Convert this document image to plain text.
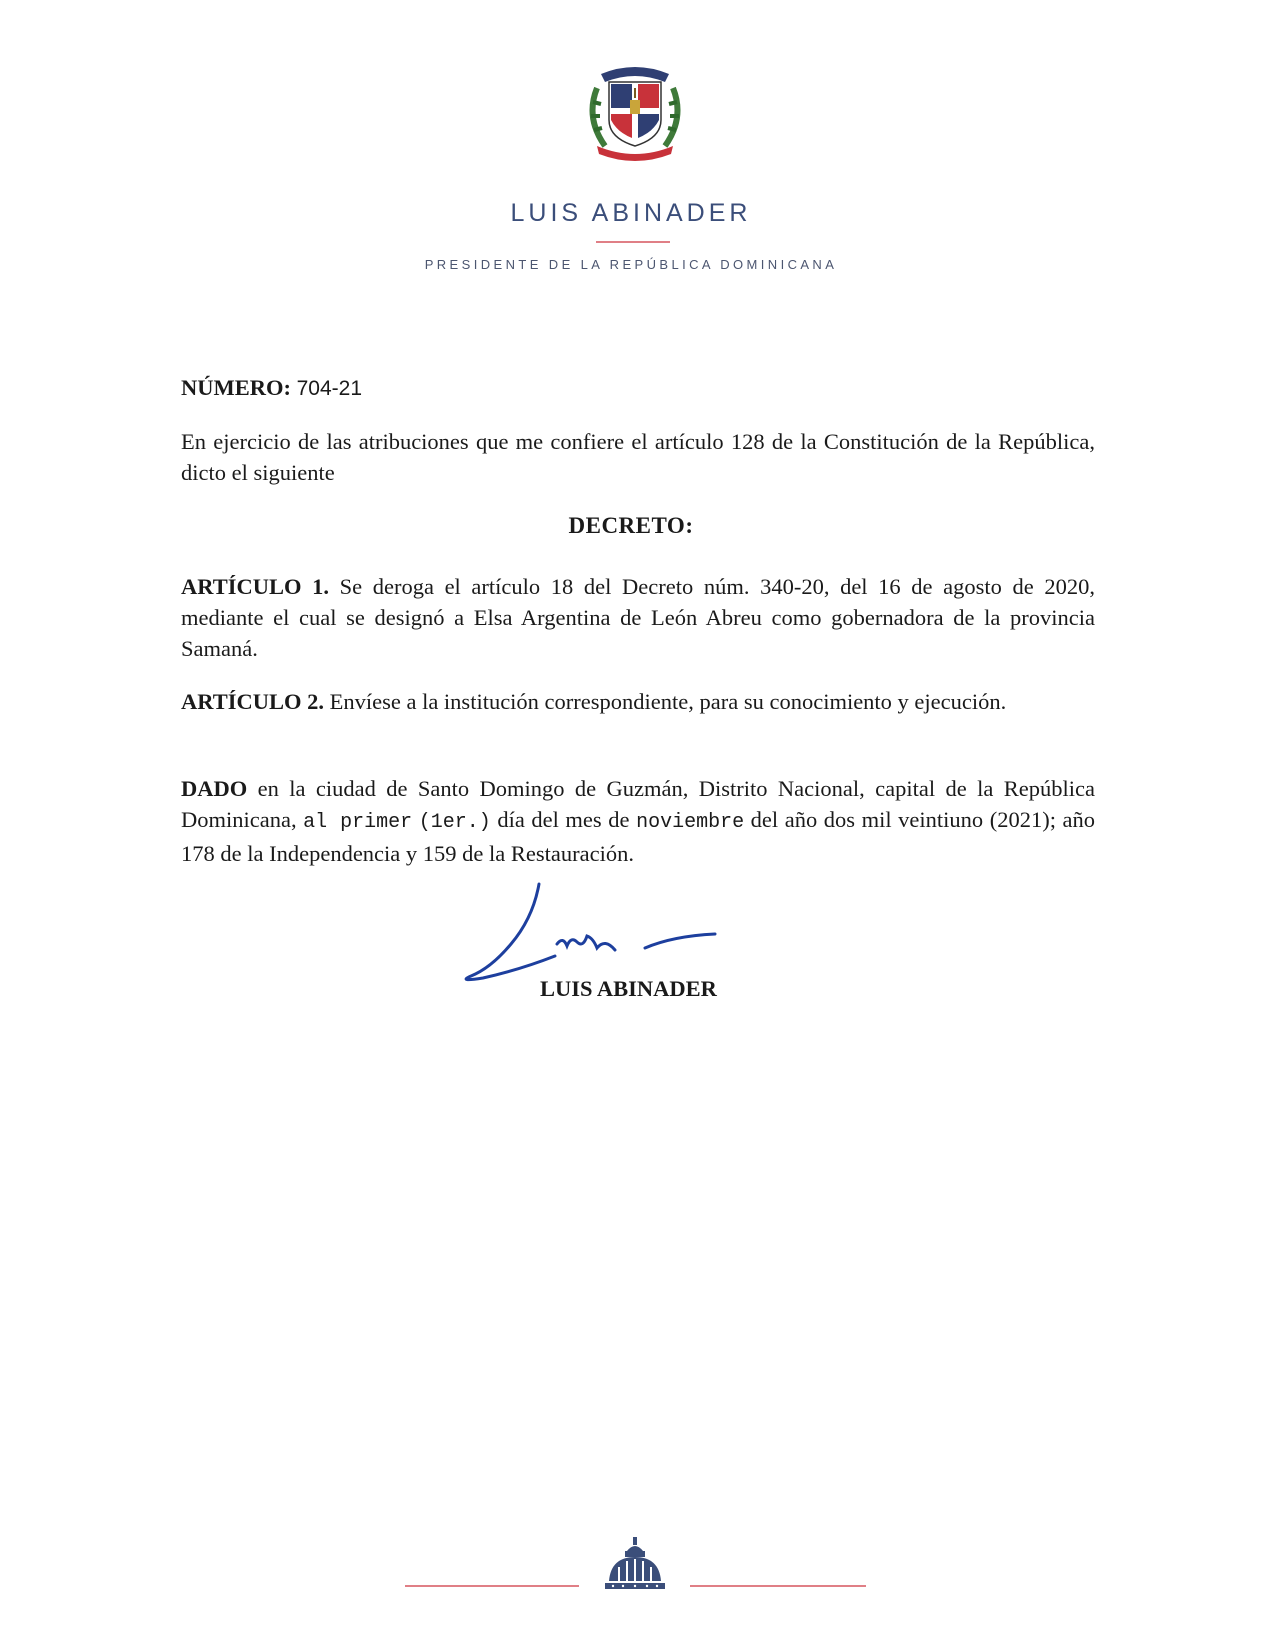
LUIS ABINADER
PRESIDENTE DE LA REPÚBLICA DOMINICANA
NÚMERO: 704-21
En ejercicio de las atribuciones que me confiere el artículo 128 de la Constitución de la República, dicto el siguiente
DECRETO:
ARTÍCULO 1. Se deroga el artículo 18 del Decreto núm. 340-20, del 16 de agosto de 2020, mediante el cual se designó a Elsa Argentina de León Abreu como gobernadora de la provincia Samaná.
ARTÍCULO 2. Envíese a la institución correspondiente, para su conocimiento y ejecución.
DADO en la ciudad de Santo Domingo de Guzmán, Distrito Nacional, capital de la República Dominicana, al primer (1er.) día del mes de noviembre del año dos mil veintiuno (2021); año 178 de la Independencia y 159 de la Restauración.
LUIS ABINADER
